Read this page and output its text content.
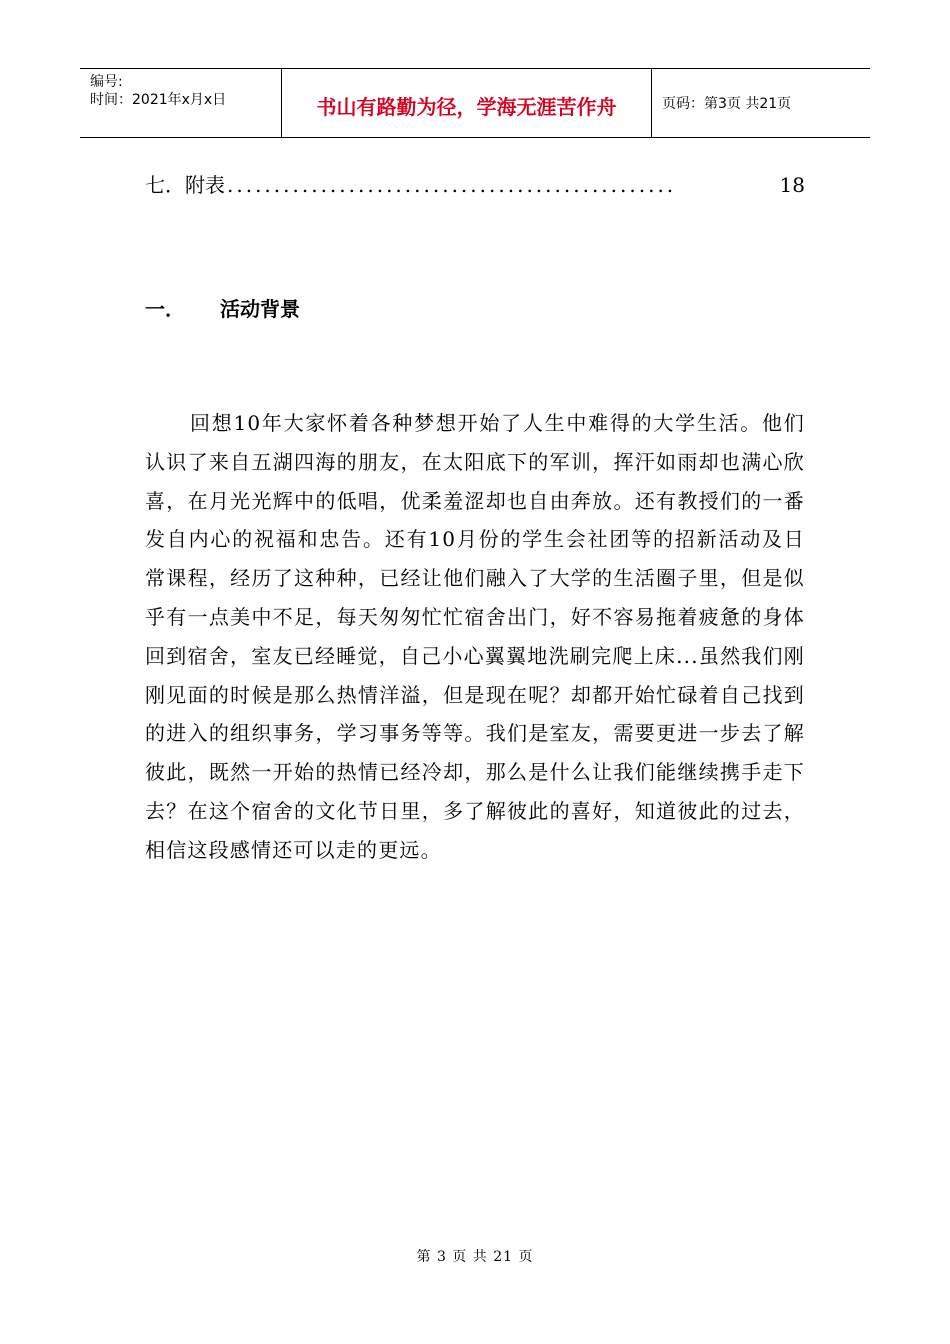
编号:
时间：2021年x月x日	书山有路勤为径，学海无涯苦作舟	页码：第3页 共21页
七．附表 ................................................	18
一． 活动背景

回想10年大家怀着各种梦想开始了人生中难得的大学生活。他们认识了来自五湖四海的朋友，在太阳底下的军训，挥汗如雨却也满心欣喜，在月光光辉中的低唱，优柔羞涩却也自由奔放。还有教授们的一番发自内心的祝福和忠告。还有10月份的学生会社团等的招新活动及日常课程，经历了这种种，已经让他们融入了大学的生活圈子里，但是似乎有一点美中不足，每天匆匆忙忙宿舍出门，好不容易拖着疲惫的身体回到宿舍，室友已经睡觉，自己小心翼翼地洗刷完爬上床...虽然我们刚刚见面的时候是那么热情洋溢，但是现在呢？却都开始忙碌着自己找到的进入的组织事务，学习事务等等。我们是室友，需要更进一步去了解彼此，既然一开始的热情已经冷却，那么是什么让我们能继续携手走下去？在这个宿舍的文化节日里，多了解彼此的喜好，知道彼此的过去，相信这段感情还可以走的更远。

第 3 页 共 21 页
